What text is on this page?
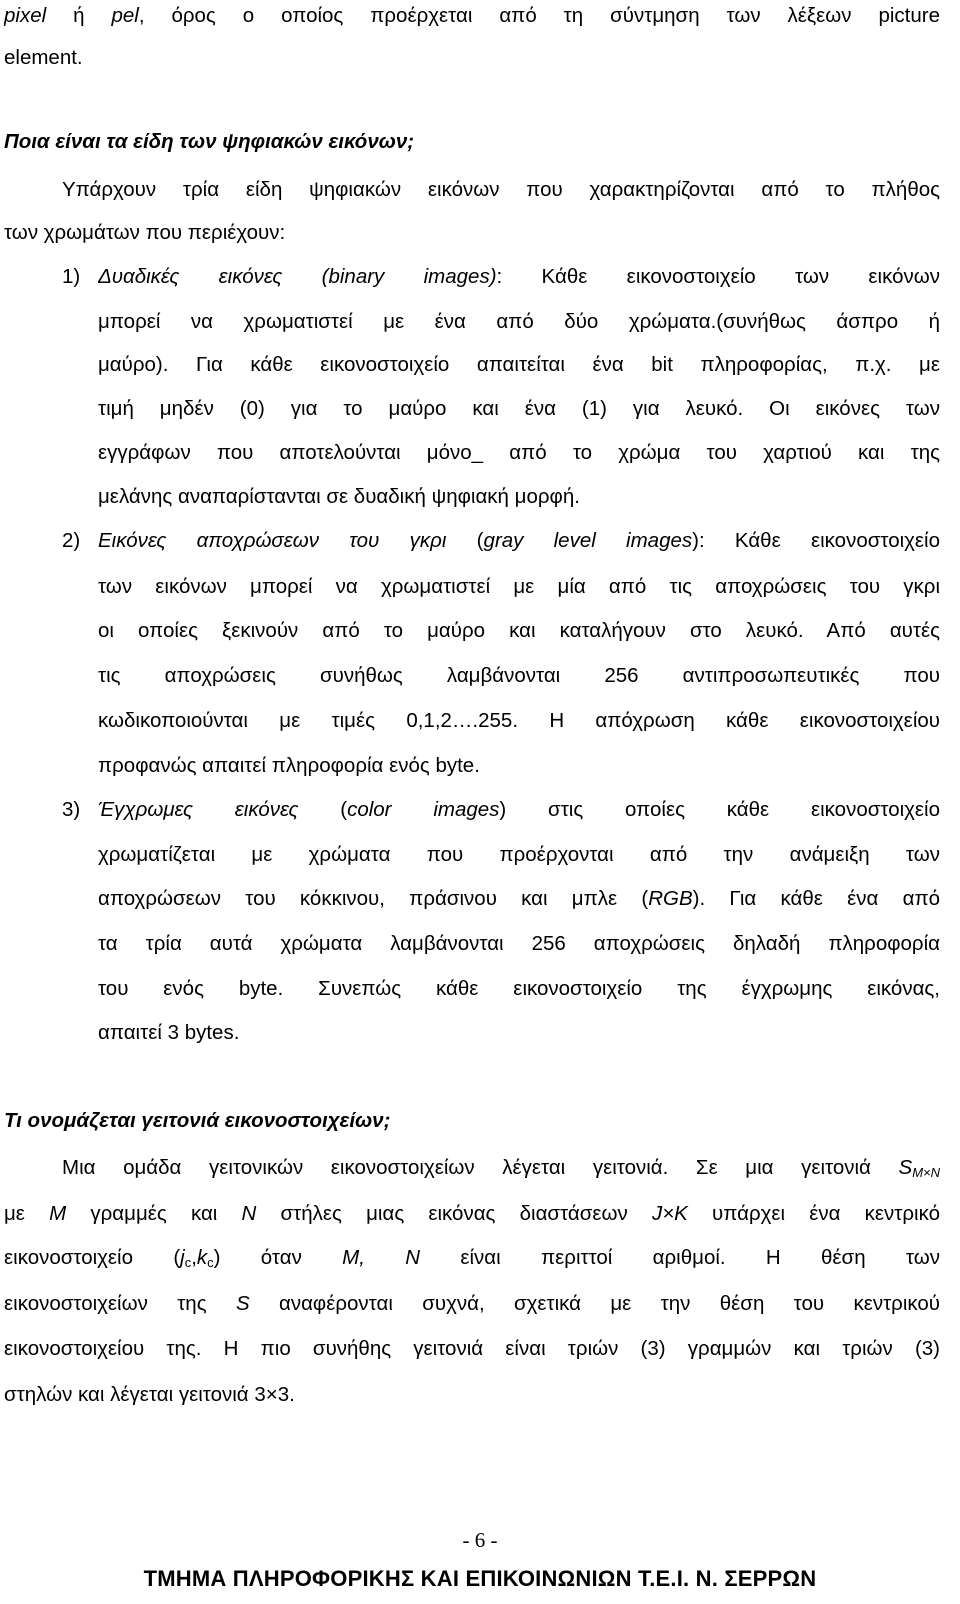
pixel ή pel, όρος ο οποίος προέρχεται από τη σύντμηση των λέξεων picture
element.
Ποια είναι τα είδη των ψηφιακών εικόνων;
Υπάρχουν τρία είδη ψηφιακών εικόνων που χαρακτηρίζονται από το πλήθος
των χρωμάτων που περιέχουν:
1) Δυαδικές εικόνες (binary images): Κάθε εικονοστοιχείο των εικόνων
μπορεί να χρωματιστεί με ένα από δύο χρώματα.(συνήθως άσπρο ή
μαύρο). Για κάθε εικονοστοιχείο απαιτείται ένα bit πληροφορίας, π.χ. με
τιμή μηδέν (0) για το μαύρο και ένα (1) για λευκό. Οι εικόνες των
εγγράφων που αποτελούνται μόνο_ από το χρώμα του χαρτιού και της
μελάνης αναπαρίστανται σε δυαδική ψηφιακή μορφή.
2) Εικόνες αποχρώσεων του γκρι (gray level images): Κάθε εικονοστοιχείο
των εικόνων μπορεί να χρωματιστεί με μία από τις αποχρώσεις του γκρι
οι οποίες ξεκινούν από το μαύρο και καταλήγουν στο λευκό. Από αυτές
τις αποχρώσεις συνήθως λαμβάνονται 256 αντιπροσωπευτικές που
κωδικοποιούνται με τιμές 0,1,2….255. Η απόχρωση κάθε εικονοστοιχείου
προφανώς απαιτεί πληροφορία ενός byte.
3) Έγχρωμες εικόνες (color images) στις οποίες κάθε εικονοστοιχείο
χρωματίζεται με χρώματα που προέρχονται από την ανάμειξη των
αποχρώσεων του κόκκινου, πράσινου και μπλε (RGB). Για κάθε ένα από
τα τρία αυτά χρώματα λαμβάνονται 256 αποχρώσεις δηλαδή πληροφορία
του ενός byte. Συνεπώς κάθε εικονοστοιχείο της έγχρωμης εικόνας,
απαιτεί 3 bytes.
Τι ονομάζεται γειτονιά εικονοστοιχείων;
Μια ομάδα γειτονικών εικονοστοιχείων λέγεται γειτονιά. Σε μια γειτονιά $S_{M\times N}$
με M γραμμές και N στήλες μιας εικόνας διαστάσεων J×K υπάρχει ένα κεντρικό
εικονοστοιχείο $(j_c,k_c)$ όταν M, N είναι περιττοί αριθμοί. Η θέση των
εικονοστοιχείων της S αναφέρονται συχνά, σχετικά με την θέση του κεντρικού
εικονοστοιχείου της. Η πιο συνήθης γειτονιά είναι τριών (3) γραμμών και τριών (3)
στηλών και λέγεται γειτονιά 3×3.
- 6 -
ΤΜΗΜΑ ΠΛΗΡΟΦΟΡΙΚΗΣ ΚΑΙ ΕΠΙΚΟΙΝΩΝΙΩΝ Τ.Ε.Ι. Ν. ΣΕΡΡΩΝ
